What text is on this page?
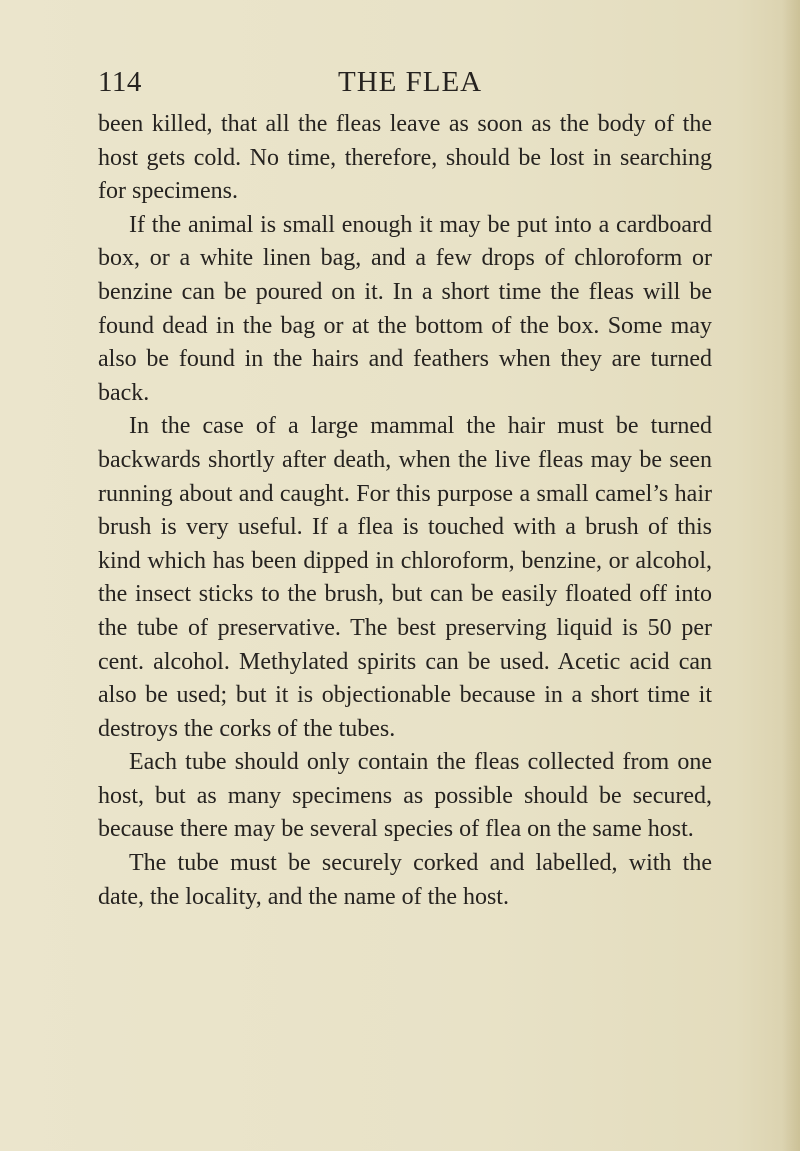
114	THE FLEA

been killed, that all the fleas leave as soon as the body of the host gets cold. No time, therefore, should be lost in searching for specimens.

If the animal is small enough it may be put into a cardboard box, or a white linen bag, and a few drops of chloroform or benzine can be poured on it. In a short time the fleas will be found dead in the bag or at the bottom of the box. Some may also be found in the hairs and feathers when they are turned back.

In the case of a large mammal the hair must be turned backwards shortly after death, when the live fleas may be seen running about and caught. For this purpose a small camel’s hair brush is very useful. If a flea is touched with a brush of this kind which has been dipped in chloroform, benzine, or alcohol, the insect sticks to the brush, but can be easily floated off into the tube of preservative. The best preserving liquid is 50 per cent. alcohol. Methylated spirits can be used. Acetic acid can also be used; but it is objectionable because in a short time it destroys the corks of the tubes.

Each tube should only contain the fleas collected from one host, but as many specimens as possible should be secured, because there may be several species of flea on the same host.

The tube must be securely corked and labelled, with the date, the locality, and the name of the host.
